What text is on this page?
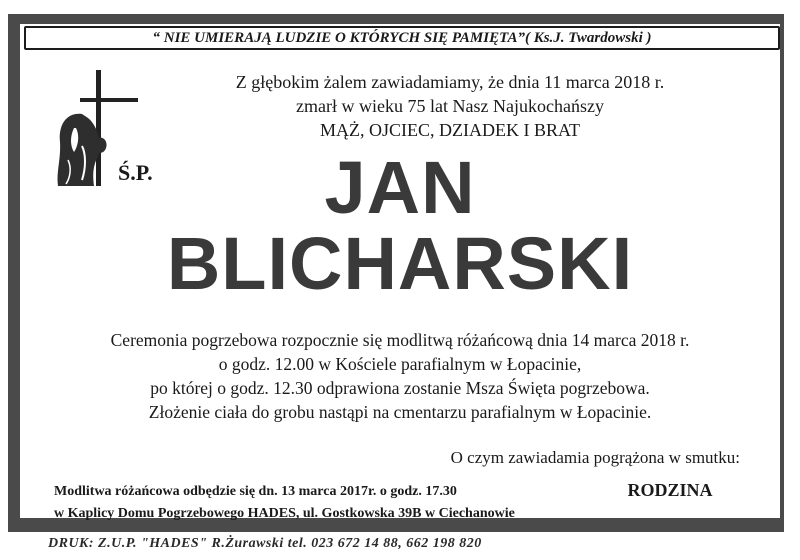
“ NIE UMIERAJĄ LUDZIE O KTÓRYCH SIĘ PAMIĘTA”( Ks.J. Twardowski )
Z głębokim żalem zawiadamiamy, że dnia 11 marca 2018 r.
zmarł w wieku 75 lat Nasz Najukochańszy
MĄŻ, OJCIEC, DZIADEK I BRAT
Ś.P.	JAN
BLICHARSKI
Ceremonia pogrzebowa rozpocznie się modlitwą różańcową dnia 14 marca 2018 r.
o godz. 12.00 w Kościele parafialnym w Łopacinie,
po której o godz. 12.30 odprawiona zostanie Msza Święta pogrzebowa.
Złożenie ciała do grobu nastąpi na cmentarzu parafialnym w Łopacinie.
O czym zawiadamia pogrążona w smutku:
Modlitwa różańcowa odbędzie się dn. 13 marca 2017r. o godz. 17.30
w Kaplicy Domu Pogrzebowego HADES, ul. Gostkowska 39B w Ciechanowie
RODZINA
DRUK: Z.U.P. "HADES" R.Żurawski tel. 023 672 14 88, 662 198 820
